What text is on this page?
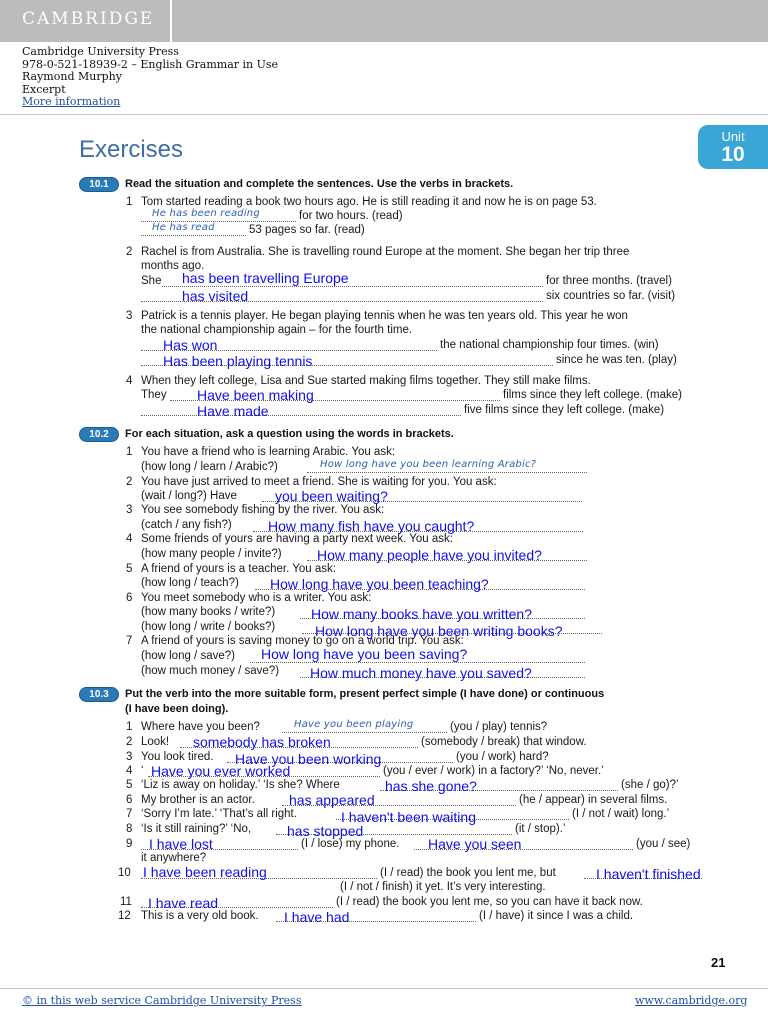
CAMBRIDGE
Cambridge University Press
978-0-521-18939-2 – English Grammar in Use
Raymond Murphy
Excerpt
More information
Exercises	Unit
10
10.1	Read the situation and complete the sentences. Use the verbs in brackets.
1 Tom started reading a book two hours ago. He is still reading it and now he is on page 53.
He has been reading	for two hours. (read)
He has read	53 pages so far. (read)
2 Rachel is from Australia. She is travelling round Europe at the moment. She began her trip three
months ago.
She has been travelling Europe	for three months. (travel)
has visited	six countries so far. (visit)
3 Patrick is a tennis player. He began playing tennis when he was ten years old. This year he won
the national championship again – for the fourth time.
Has won	the national championship four times. (win)
Has been playing tennis	since he was ten. (play)
4 When they left college, Lisa and Sue started making films together. They still make films.
They Have been making	films since they left college. (make)
Have made	five films since they left college. (make)
10.2	For each situation, ask a question using the words in brackets.
1 You have a friend who is learning Arabic. You ask:
(how long / learn / Arabic?)	How long have you been learning Arabic?
2 You have just arrived to meet a friend. She is waiting for you. You ask:
(wait / long?) Have	you been waiting?
3 You see somebody fishing by the river. You ask:
(catch / any fish?)	How many fish have you caught?
4 Some friends of yours are having a party next week. You ask:
(how many people / invite?)	How many people have you invited?
5 A friend of yours is a teacher. You ask:
(how long / teach?) How long have you been teaching?
6 You meet somebody who is a writer. You ask:
(how many books / write?)	How many books have you written?
(how long / write / books?)	How long have you been writing books?
7 A friend of yours is saving money to go on a world trip. You ask:
(how long / save?) How long have you been saving?
(how much money / save?) How much money have you saved?
10.3	Put the verb into the more suitable form, present perfect simple (I have done) or continuous
(I have been doing).
1 Where have you been?	Have you been playing	(you / play) tennis?
2 Look! somebody has broken	(somebody / break) that window.
3 You look tired. Have you been working	(you / work) hard?
4 ‘ Have you ever worked	(you / ever / work) in a factory?’ ‘No, never.’
5 ‘Liz is away on holiday.’ ‘Is she? Where	has she gone?	(she / go)?’
6 My brother is an actor. has appeared	(he / appear) in several films.
7 ‘Sorry I’m late.’ ‘That’s all right.	I haven't been waiting	(I / not / wait) long.’
8 ‘Is it still raining?’ ‘No,	has stopped	(it / stop).’
9 I have lost	(I / lose) my phone. Have you seen	(you / see)
it anywhere?
10 I have been reading	(I / read) the book you lent me, but	I haven't finished
(I / not / finish) it yet. It’s very interesting.
11 I have read	(I / read) the book you lent me, so you can have it back now.
12 This is a very old book. I have had	(I / have) it since I was a child.
21
© in this web service Cambridge University Press	www.cambridge.org
